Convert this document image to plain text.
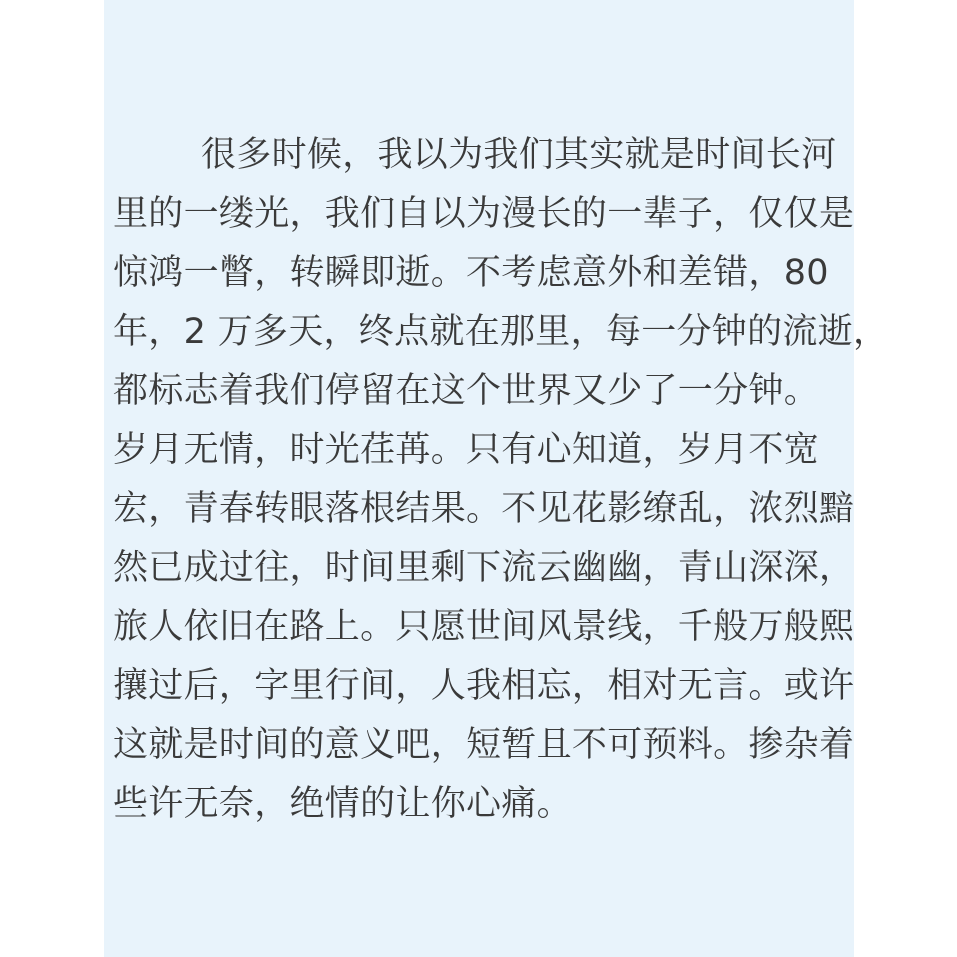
很多时候，我以为我们其实就是时间长河
里的一缕光，我们自以为漫长的一辈子，仅仅是
惊鸿一瞥，转瞬即逝。不考虑意外和差错，80
年，2 万多天，终点就在那里，每一分钟的流逝，
都标志着我们停留在这个世界又少了一分钟。
岁月无情，时光荏苒。只有心知道，岁月不宽
宏，青春转眼落根结果。不见花影缭乱，浓烈黯
然已成过往，时间里剩下流云幽幽，青山深深，
旅人依旧在路上。只愿世间风景线，千般万般熙
攘过后，字里行间，人我相忘，相对无言。或许
这就是时间的意义吧，短暂且不可预料。掺杂着
些许无奈，绝情的让你心痛。
